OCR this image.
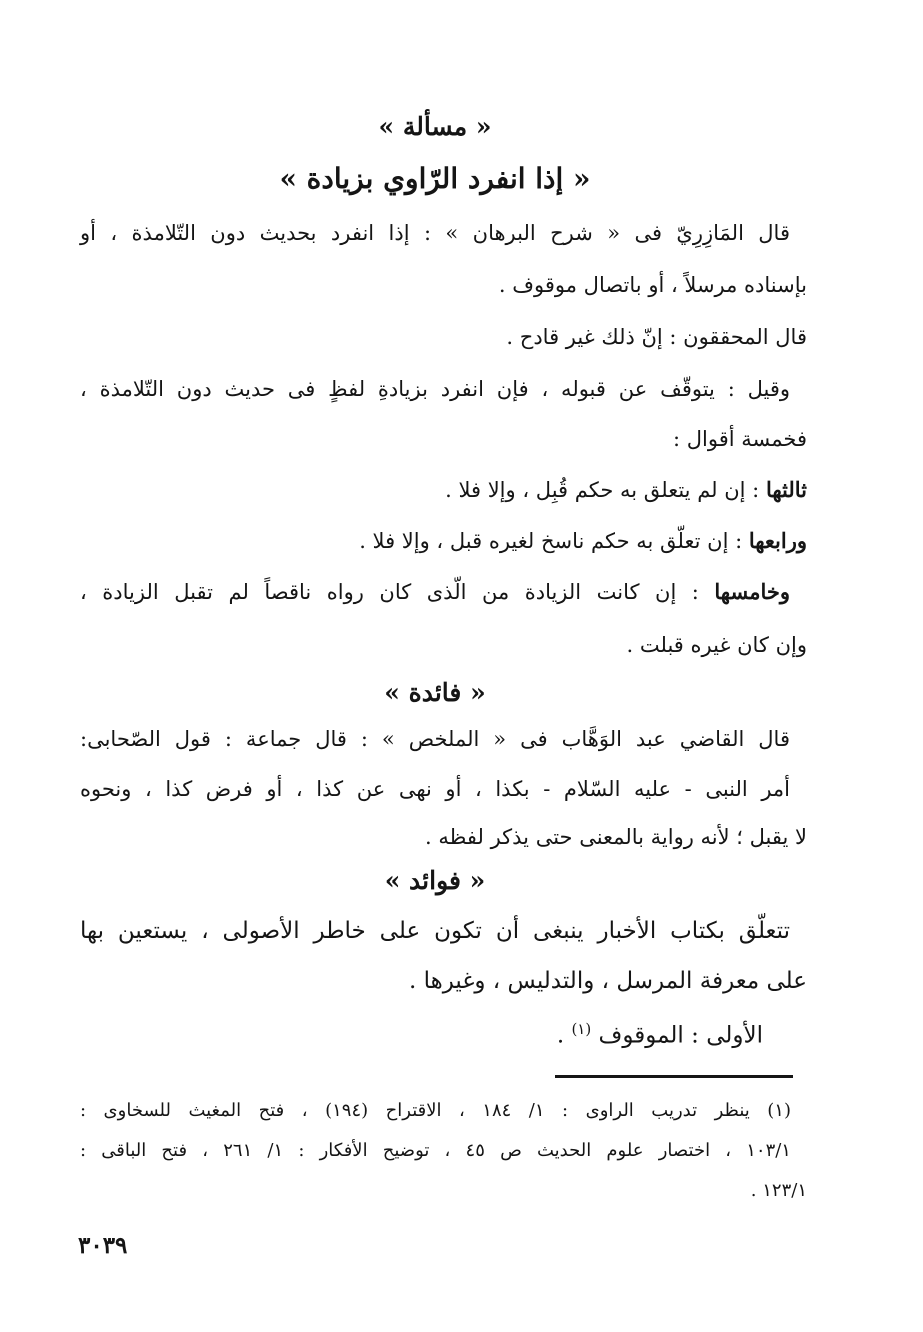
« مسألة »
« إذا انفرد الرّاوي بزيادة »
قال المَازِرِيّ فى « شرح البرهان » : إذا انفرد بحديث دون التّلامذة ، أو
بإسناده مرسلاً ، أو باتصال موقوف .
قال المحققون : إنّ ذلك غير قادح .
وقيل : يتوقّف عن قبوله ، فإن انفرد بزيادةِ لفظٍ فى حديث دون التّلامذة ،
فخمسة أقوال :
ثالثها : إن لم يتعلق به حكم قُبِل ، وإلا فلا .
ورابعها : إن تعلّق به حكم ناسخ لغيره قبل ، وإلا فلا .
وخامسها : إن كانت الزيادة من الّذى كان رواه ناقصاً لم تقبل الزيادة ،
وإن كان غيره قبلت .
« فائدة »
قال القاضي عبد الوَهَّاب فى « الملخص » : قال جماعة : قول الصّحابى:
أمر النبى - عليه السّلام - بكذا ، أو نهى عن كذا ، أو فرض كذا ، ونحوه
لا يقبل ؛ لأنه رواية بالمعنى حتى يذكر لفظه .
« فوائد »
تتعلّق بكتاب الأخبار ينبغى أن تكون على خاطر الأصولى ، يستعين بها
على معرفة المرسل ، والتدليس ، وغيرها .
الأولى : الموقوف $^{(١)}$ .
(١) ينظر تدريب الراوى : ١/ ١٨٤ ، الاقتراح (١٩٤) ، فتح المغيث للسخاوى :
١٠٣/١ ، اختصار علوم الحديث ص ٤٥ ، توضيح الأفكار : ١/ ٢٦١ ، فتح الباقى :
١٢٣/١ .
٣٠٣٩
